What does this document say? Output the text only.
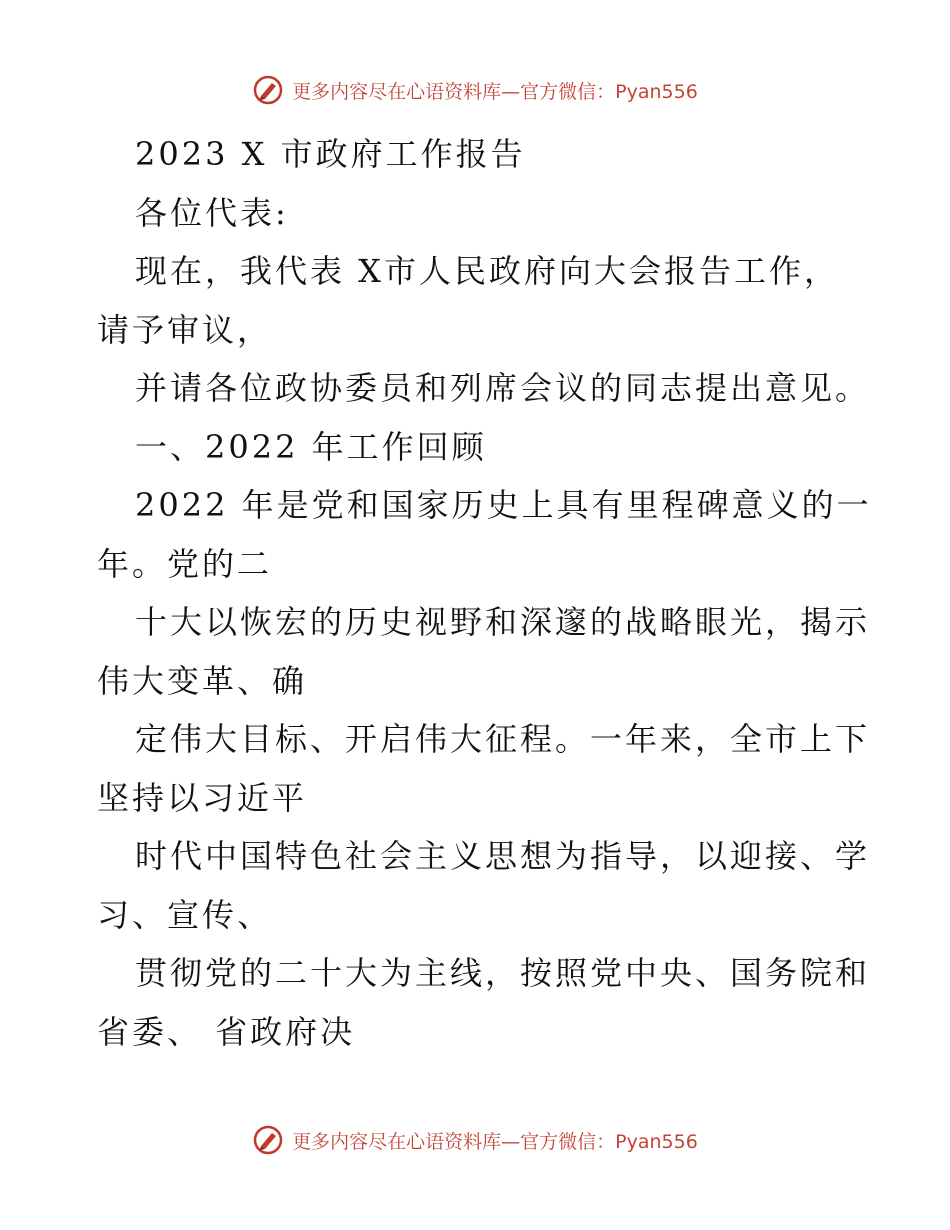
更多内容尽在心语资料库—官方微信：Pyan556
2023 X 市政府工作报告
各位代表:
现在，我代表 X市人民政府向大会报告工作，
请予审议，
并请各位政协委员和列席会议的同志提出意见。
一、2022 年工作回顾
2022 年是党和国家历史上具有里程碑意义的一
年。党的二
十大以恢宏的历史视野和深邃的战略眼光，揭示
伟大变革、确
定伟大目标、开启伟大征程。一年来，全市上下
坚持以习近平
时代中国特色社会主义思想为指导，以迎接、学
习、宣传、
贯彻党的二十大为主线，按照党中央、国务院和
省委、 省政府决
更多内容尽在心语资料库—官方微信：Pyan556
